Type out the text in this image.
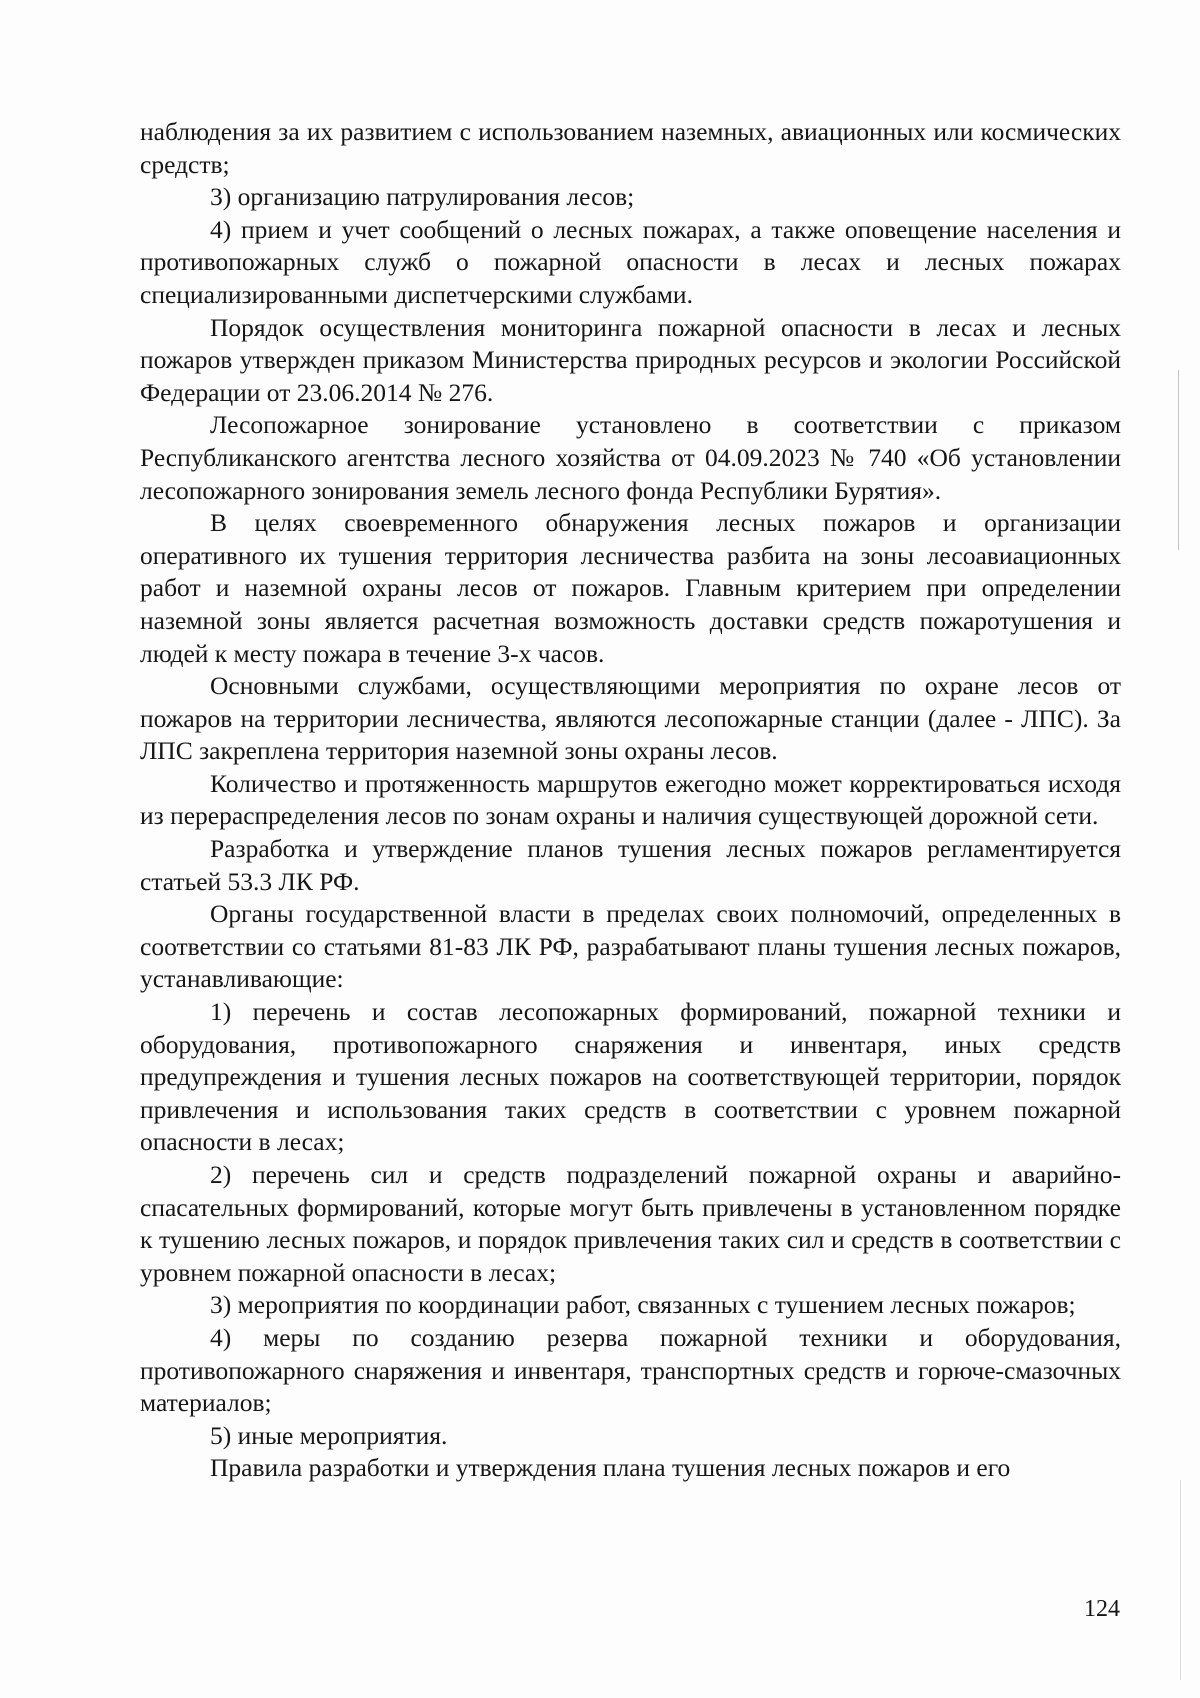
наблюдения за их развитием с использованием наземных, авиационных или космических средств;

3) организацию патрулирования лесов;

4) прием и учет сообщений о лесных пожарах, а также оповещение населения и противопожарных служб о пожарной опасности в лесах и лесных пожарах специализированными диспетчерскими службами.

Порядок осуществления мониторинга пожарной опасности в лесах и лесных пожаров утвержден приказом Министерства природных ресурсов и экологии Российской Федерации от 23.06.2014 № 276.

Лесопожарное зонирование установлено в соответствии с приказом Республиканского агентства лесного хозяйства от 04.09.2023 № 740 «Об установлении лесопожарного зонирования земель лесного фонда Республики Бурятия».

В целях своевременного обнаружения лесных пожаров и организации оперативного их тушения территория лесничества разбита на зоны лесоавиационных работ и наземной охраны лесов от пожаров. Главным критерием при определении наземной зоны является расчетная возможность доставки средств пожаротушения и людей к месту пожара в течение 3-х часов.

Основными службами, осуществляющими мероприятия по охране лесов от пожаров на территории лесничества, являются лесопожарные станции (далее - ЛПС). За ЛПС закреплена территория наземной зоны охраны лесов.

Количество и протяженность маршрутов ежегодно может корректироваться исходя из перераспределения лесов по зонам охраны и наличия существующей дорожной сети.

Разработка и утверждение планов тушения лесных пожаров регламентируется статьей 53.3 ЛК РФ.

Органы государственной власти в пределах своих полномочий, определенных в соответствии со статьями 81-83 ЛК РФ, разрабатывают планы тушения лесных пожаров, устанавливающие:

1) перечень и состав лесопожарных формирований, пожарной техники и оборудования, противопожарного снаряжения и инвентаря, иных средств предупреждения и тушения лесных пожаров на соответствующей территории, порядок привлечения и использования таких средств в соответствии с уровнем пожарной опасности в лесах;

2) перечень сил и средств подразделений пожарной охраны и аварийно-спасательных формирований, которые могут быть привлечены в установленном порядке к тушению лесных пожаров, и порядок привлечения таких сил и средств в соответствии с уровнем пожарной опасности в лесах;

3) мероприятия по координации работ, связанных с тушением лесных пожаров;

4) меры по созданию резерва пожарной техники и оборудования, противопожарного снаряжения и инвентаря, транспортных средств и горюче-смазочных материалов;

5) иные мероприятия.

Правила разработки и утверждения плана тушения лесных пожаров и его

124
